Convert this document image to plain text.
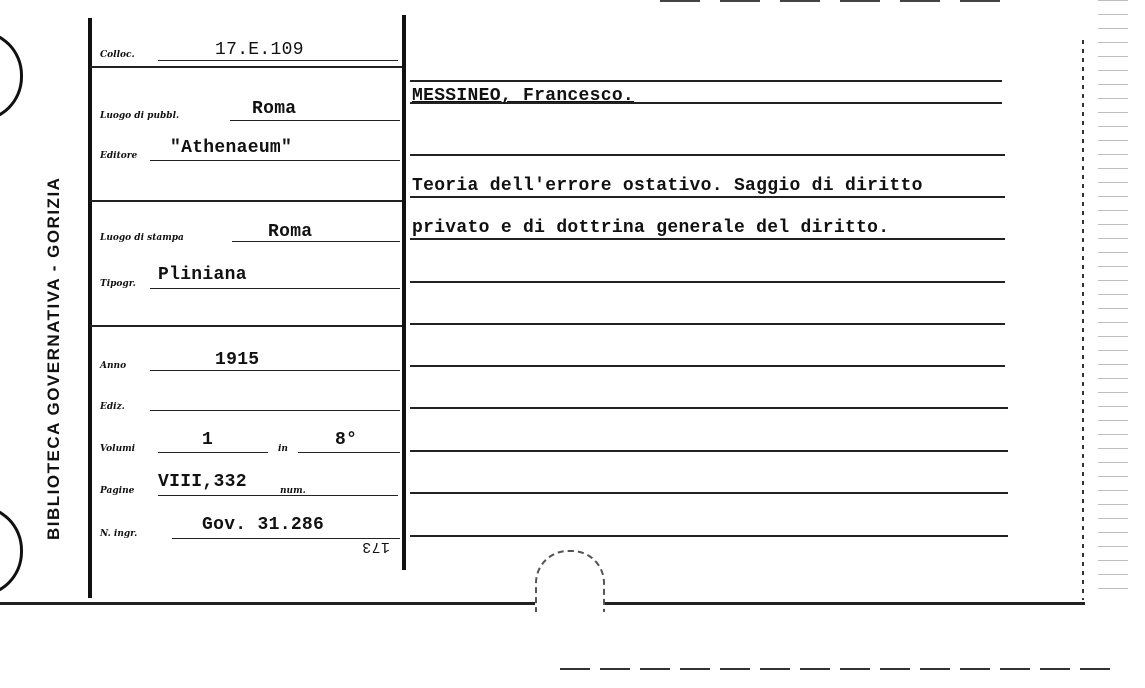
BIBLIOTECA GOVERNATIVA - GORIZIA
Colloc.
Luogo di pubbl.
Editore
Luogo di stampa
Tipogr.
Anno
Ediz.
Volumi	in
Pagine
N. ingr.
num.
17.E.109
Roma
"Athenaeum"
Roma
Pliniana
1915
1	8°
VIII,332
Gov. 31.286
173
MESSINEO, Francesco.
Teoria dell'errore ostativo. Saggio di diritto
privato e di dottrina generale del diritto.
